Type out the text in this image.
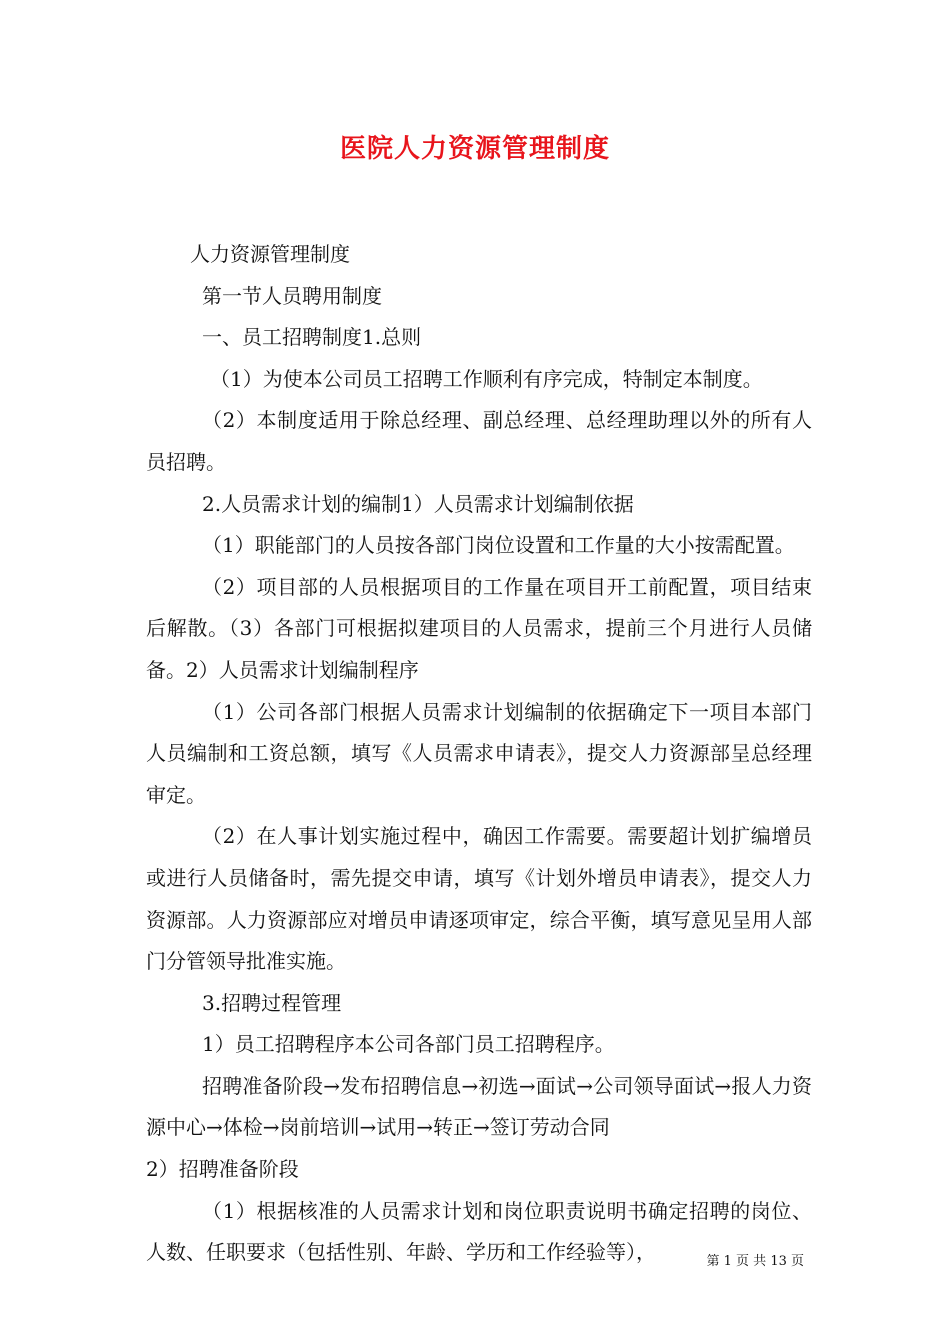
医院人力资源管理制度

人力资源管理制度

第一节人员聘用制度

一、员工招聘制度1.总则

（1）为使本公司员工招聘工作顺利有序完成，特制定本制度。

（2）本制度适用于除总经理、副总经理、总经理助理以外的所有人员招聘。

2.人员需求计划的编制1）人员需求计划编制依据

（1）职能部门的人员按各部门岗位设置和工作量的大小按需配置。

（2）项目部的人员根据项目的工作量在项目开工前配置，项目结束后解散。（3）各部门可根据拟建项目的人员需求，提前三个月进行人员储备。2）人员需求计划编制程序

（1）公司各部门根据人员需求计划编制的依据确定下一项目本部门人员编制和工资总额，填写《人员需求申请表》，提交人力资源部呈总经理审定。

（2）在人事计划实施过程中，确因工作需要。需要超计划扩编增员或进行人员储备时，需先提交申请，填写《计划外增员申请表》，提交人力资源部。人力资源部应对增员申请逐项审定，综合平衡，填写意见呈用人部门分管领导批准实施。

3.招聘过程管理

1）员工招聘程序本公司各部门员工招聘程序。

招聘准备阶段→发布招聘信息→初选→面试→公司领导面试→报人力资源中心→体检→岗前培训→试用→转正→签订劳动合同

2）招聘准备阶段

（1）根据核准的人员需求计划和岗位职责说明书确定招聘的岗位、人数、任职要求（包括性别、年龄、学历和工作经验等），	第 1 页 共 13 页
